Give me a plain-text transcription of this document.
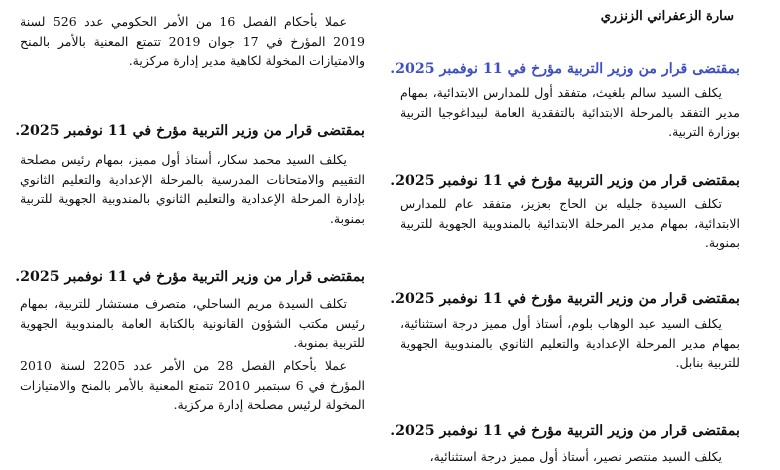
سارة الزعفراني الزنزري
بمقتضى قرار من وزير التربية مؤرخ في 11 نوفمبر 2025.
يكلف السيد سالم بلغيث، متفقد أول للمدارس الابتدائية، بمهام مدير التفقد بالمرحلة الابتدائية بالتفقدية العامة لبيداغوجيا التربية بوزارة التربية.
بمقتضى قرار من وزير التربية مؤرخ في 11 نوفمبر 2025.
تكلف السيدة جليله بن الحاج بعزيز، متفقد عام للمدارس الابتدائية، بمهام مدير المرحلة الابتدائية بالمندوبية الجهوية للتربية بمنوبة.
بمقتضى قرار من وزير التربية مؤرخ في 11 نوفمبر 2025.
يكلف السيد عبد الوهاب بلوم، أستاذ أول مميز درجة استثنائية، بمهام مدير المرحلة الإعدادية والتعليم الثانوي بالمندوبية الجهوية للتربية بنابل.
بمقتضى قرار من وزير التربية مؤرخ في 11 نوفمبر 2025.
يكلف السيد منتصر نصير، أستاذ أول مميز درجة استثنائية،
عملا بأحكام الفصل 16 من الأمر الحكومي عدد 526 لسنة 2019 المؤرخ في 17 جوان 2019 تتمتع المعنية بالأمر بالمنح والامتيازات المخولة لكاهية مدير إدارة مركزية.
بمقتضى قرار من وزير التربية مؤرخ في 11 نوفمبر 2025.
يكلف السيد محمد سكار، أستاذ أول مميز، بمهام رئيس مصلحة التقييم والامتحانات المدرسية بالمرحلة الإعدادية والتعليم الثانوي بإدارة المرحلة الإعدادية والتعليم الثانوي بالمندوبية الجهوية للتربية بمنوبة.
بمقتضى قرار من وزير التربية مؤرخ في 11 نوفمبر 2025.
تكلف السيدة مريم الساحلي، متصرف مستشار للتربية، بمهام رئيس مكتب الشؤون القانونية بالكتابة العامة بالمندوبية الجهوية للتربية بمنوبة.
عملا بأحكام الفصل 28 من الأمر عدد 2205 لسنة 2010 المؤرخ في 6 سبتمبر 2010 تتمتع المعنية بالأمر بالمنح والامتيازات المخولة لرئيس مصلحة إدارة مركزية.
